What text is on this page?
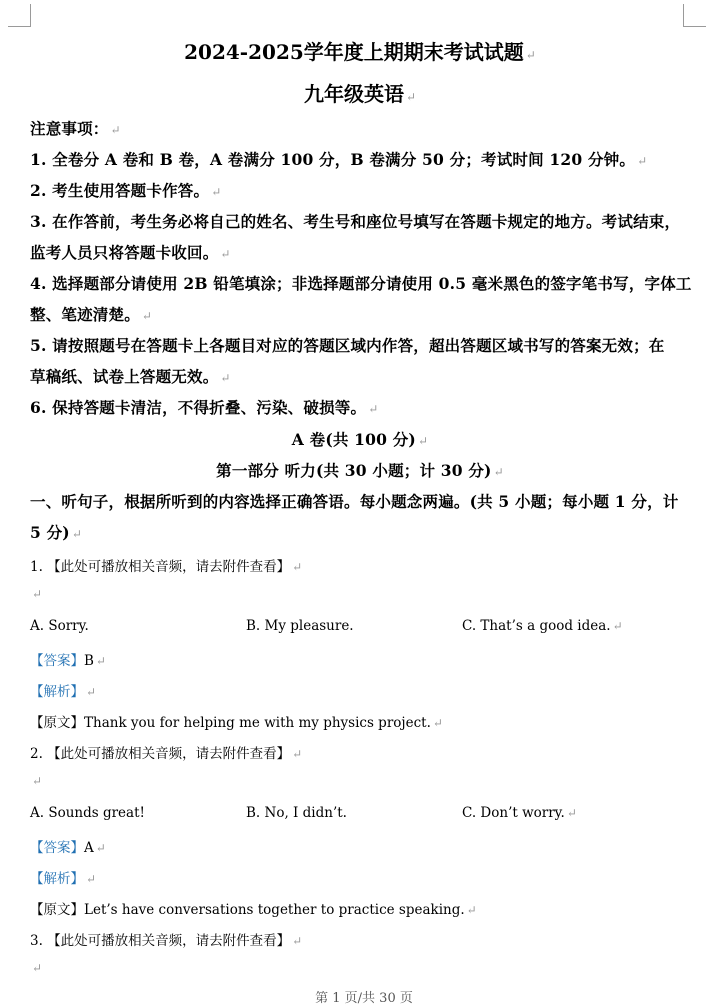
2024-2025学年度上期期末考试试题 ↵
九年级英语 ↵
注意事项： ↵
1. 全卷分 A 卷和 B 卷，A 卷满分 100 分，B 卷满分 50 分；考试时间 120 分钟。 ↵
2. 考生使用答题卡作答。 ↵
3. 在作答前，考生务必将自己的姓名、考生号和座位号填写在答题卡规定的地方。考试结束，
监考人员只将答题卡收回。 ↵
4. 选择题部分请使用 2B 铅笔填涂；非选择题部分请使用 0.5 毫米黑色的签字笔书写，字体工
整、笔迹清楚。 ↵
5. 请按照题号在答题卡上各题目对应的答题区域内作答，超出答题区域书写的答案无效；在
草稿纸、试卷上答题无效。 ↵
6. 保持答题卡清洁，不得折叠、污染、破损等。 ↵
A 卷(共 100 分) ↵
第一部分 听力(共 30 小题；计 30 分) ↵
一、听句子，根据所听到的内容选择正确答语。每小题念两遍。(共 5 小题；每小题 1 分，计
5 分) ↵
1. 【此处可播放相关音频，请去附件查看】 ↵
↵
A. Sorry.	B. My pleasure.	C. That’s a good idea. ↵
【答案】B ↵
【解析】 ↵
【原文】Thank you for helping me with my physics project. ↵
2. 【此处可播放相关音频，请去附件查看】 ↵
↵
A. Sounds great!	B. No, I didn’t.	C. Don’t worry. ↵
【答案】A ↵
【解析】 ↵
【原文】Let’s have conversations together to practice speaking. ↵
3. 【此处可播放相关音频，请去附件查看】 ↵
↵
第 1 页/共 30 页
